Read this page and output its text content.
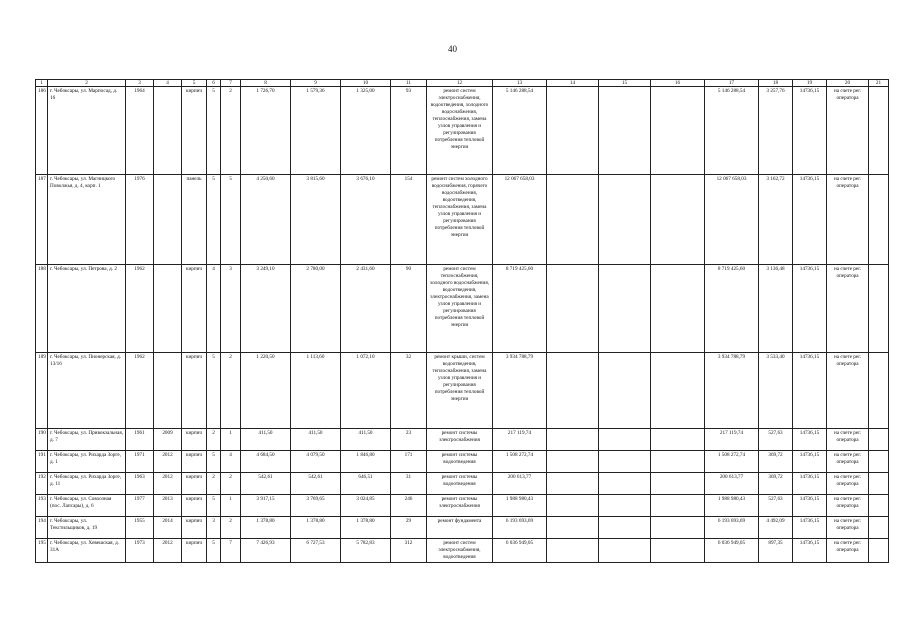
40
1	2	3	4	5	6	7	8	9	10	11	12	13	14	15	16	17	18	19	20	21
186	г. Чебоксары, ул. Марпосад, д. 16	1964		кирпич	5	2	1 726,70	1 579,36	1 325,00	93	ремонт систем электроснабжения, водоотведения, холодного водоснабжения, теплоснабжения, замена узлов управления и регулирования потребления тепловой энергии	5 146 288,54				5 146 288,54	3 257,76	14736,15	на счете рег. оператора	
187	г. Чебоксары, ул. Магницкого Поволжья, д. 4, корп. 1	1976		панель	5	5	4 250,60	3 815,60	3 676,10	154	ремонт систем холодного водоснабжения, горячего водоснабжения, водоотведения, теплоснабжения, замена узлов управления и регулирования потребления тепловой энергии	12 067 658,03				12 067 658,03	3 162,72	14736,15	на счете рег. оператора	
188	г. Чебоксары, ул. Петрова, д. 2	1962		кирпич	4	3	3 249,10	2 780,00	2 431,60	90	ремонт систем теплоснабжения, холодного водоснабжения, водоотведения, электроснабжения, замена узлов управления и регулирования потребления тепловой энергии	8 719 425,60				8 719 425,60	3 136,48	14736,15	на счете рег. оператора	
189	г. Чебоксары, ул. Пионерская, д. 13/16	1962		кирпич	5	2	1 220,50	1 113,60	1 072,10	32	ремонт крыши, систем водоотведения, теплоснабжения, замена узлов управления и регулирования потребления тепловой энергии	3 934 788,79				3 934 788,79	3 533,40	14736,15	на счете рег. оператора	
190	г. Чебоксары, ул. Привокзальная, д. 7	1961	2009	кирпич	2	1	411,50	411,50	411,50	23	ремонт системы электроснабжения	217 119,74				217 119,74	527,63	14736,15	на счете рег. оператора	
191	г. Чебоксары, ул. Рихарда Зорге, д. 1	1971	2012	кирпич	5	4	4 684,50	4 079,50	1 846,80	171	ремонт системы водоотведения	1 508 272,74				1 508 272,74	369,72	14736,15	на счете рег. оператора	
192	г. Чебоксары, ул. Рихарда Зорге, д. 11	1963	2012	кирпич	2	2	542,61	542,61	646,51	31	ремонт системы водоотведения	200 613,77				200 613,77	369,72	14736,15	на счете рег. оператора	
193	г. Чебоксары, ул. Совхозная (пос. Лапсары), д. 6	1977	2013	кирпич	5	1	3 917,15	3 769,65	3 024,85	246	ремонт системы электроснабжения	1 988 980,43				1 988 980,43	527,63	14736,15	на счете рег. оператора	
194	г. Чебоксары, ул. Текстильщиков, д. 19	1955	2014	кирпич	3	2	1 378,80	1 378,80	1 378,80	29	ремонт фундамента	6 193 693,69				6 193 693,69	4 492,09	14736,15	на счете рег. оператора	
195	г. Чебоксары, ул. Хевешская, д. 31А	1973	2012	кирпич	5	7	7 426,93	6 727,53	5 782,83	312	ремонт систем электроснабжения, водоотведения	6 036 949,05				6 036 949,05	897,35	14736,15	на счете рег. оператора	
